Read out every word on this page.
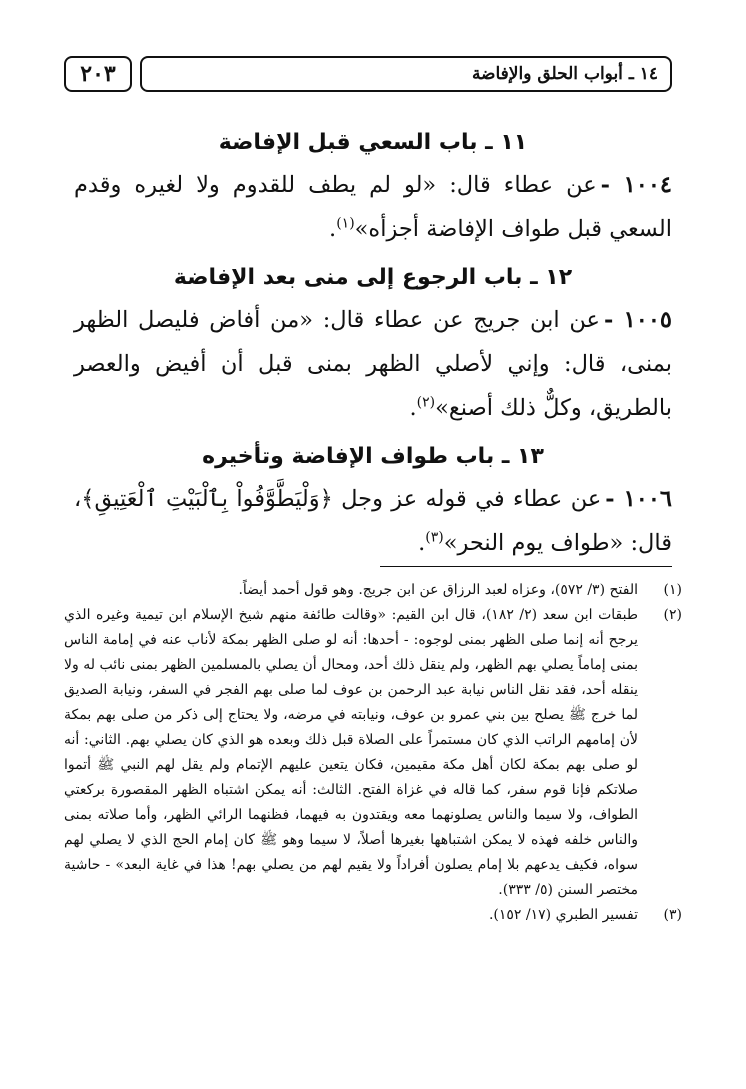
٢٠٣	١٤ ـ أبواب الحلق والإفاضة
١١ ـ باب السعي قبل الإفاضة

١٠٠٤ -عن عطاء قال: «لو لم يطف للقدوم ولا لغيره وقدم السعي قبل طواف الإفاضة أجزأه»$^{(١)}$.

١٢ ـ باب الرجوع إلى منى بعد الإفاضة

١٠٠٥ -عن ابن جريج عن عطاء قال: «من أفاض فليصل الظهر بمنى، قال: وإني لأصلي الظهر بمنى قبل أن أفيض والعصر بالطريق، وكلٌّ ذلك أصنع»$^{(٢)}$.

١٣ ـ باب طواف الإفاضة وتأخيره

١٠٠٦ -عن عطاء في قوله عز وجل ﴿وَلْيَطَّوَّفُواْ بِٱلْبَيْتِ ٱلْعَتِيقِ﴾، قال: «طواف يوم النحر»$^{(٣)}$.

(١)
الفتح (٣/ ٥٧٢)، وعزاه لعبد الرزاق عن ابن جريج. وهو قول أحمد أيضاً.
(٢)
طبقات ابن سعد (٢/ ١٨٢)، قال ابن القيم: «وقالت طائفة منهم شيخ الإسلام ابن تيمية وغيره الذي يرجح أنه إنما صلى الظهر بمنى لوجوه: - أحدها: أنه لو صلى الظهر بمكة لأناب عنه في إمامة الناس بمنى إماماً يصلي بهم الظهر، ولم ينقل ذلك أحد، ومحال أن يصلي بالمسلمين الظهر بمنى نائب له ولا ينقله أحد، فقد نقل الناس نيابة عبد الرحمن بن عوف لما صلى بهم الفجر في السفر، ونيابة الصديق لما خرج ﷺ يصلح بين بني عمرو بن عوف، ونيابته في مرضه، ولا يحتاج إلى ذكر من صلى بهم بمكة لأن إمامهم الراتب الذي كان مستمراً على الصلاة قبل ذلك وبعده هو الذي كان يصلي بهم. الثاني: أنه لو صلى بهم بمكة لكان أهل مكة مقيمين، فكان يتعين عليهم الإتمام ولم يقل لهم النبي ﷺ أتموا صلاتكم فإنا قوم سفر، كما قاله في غزاة الفتح. الثالث: أنه يمكن اشتباه الظهر المقصورة بركعتي الطواف، ولا سيما والناس يصلونهما معه ويقتدون به فيهما، فظنهما الرائي الظهر، وأما صلاته بمنى والناس خلفه فهذه لا يمكن اشتباهها بغيرها أصلاً، لا سيما وهو ﷺ كان إمام الحج الذي لا يصلي لهم سواه، فكيف يدعهم بلا إمام يصلون أفراداً ولا يقيم لهم من يصلي بهم! هذا في غاية البعد» - حاشية مختصر السنن (٥/ ٣٣٣).
(٣)
تفسير الطبري (١٧/ ١٥٢).
